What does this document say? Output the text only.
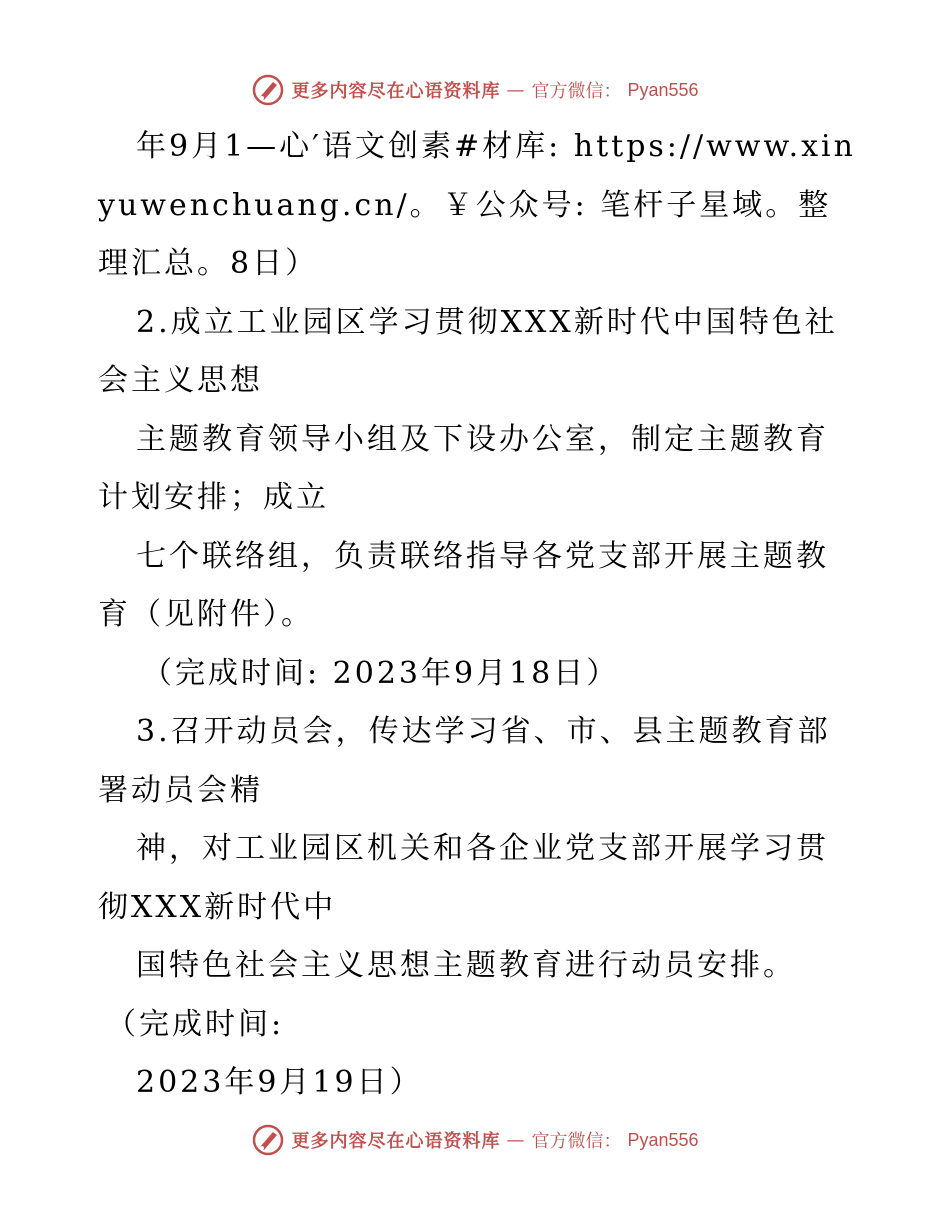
更多内容尽在心语资料库 — 官方微信： Pyan556

年9月1—心′语文创素#材库: https://www.xinyuwenchuang.cn/。￥公众号: 笔杆子星域。整理汇总。8日）

2.成立工业园区学习贯彻XXX新时代中国特色社会主义思想

主题教育领导小组及下设办公室，制定主题教育计划安排；成立

七个联络组，负责联络指导各党支部开展主题教育（见附件）。

（完成时间: 2023年9月18日）

3.召开动员会，传达学习省、市、县主题教育部署动员会精

神，对工业园区机关和各企业党支部开展学习贯彻XXX新时代中

国特色社会主义思想主题教育进行动员安排。

（完成时间:

2023年9月19日）

更多内容尽在心语资料库 — 官方微信： Pyan556
